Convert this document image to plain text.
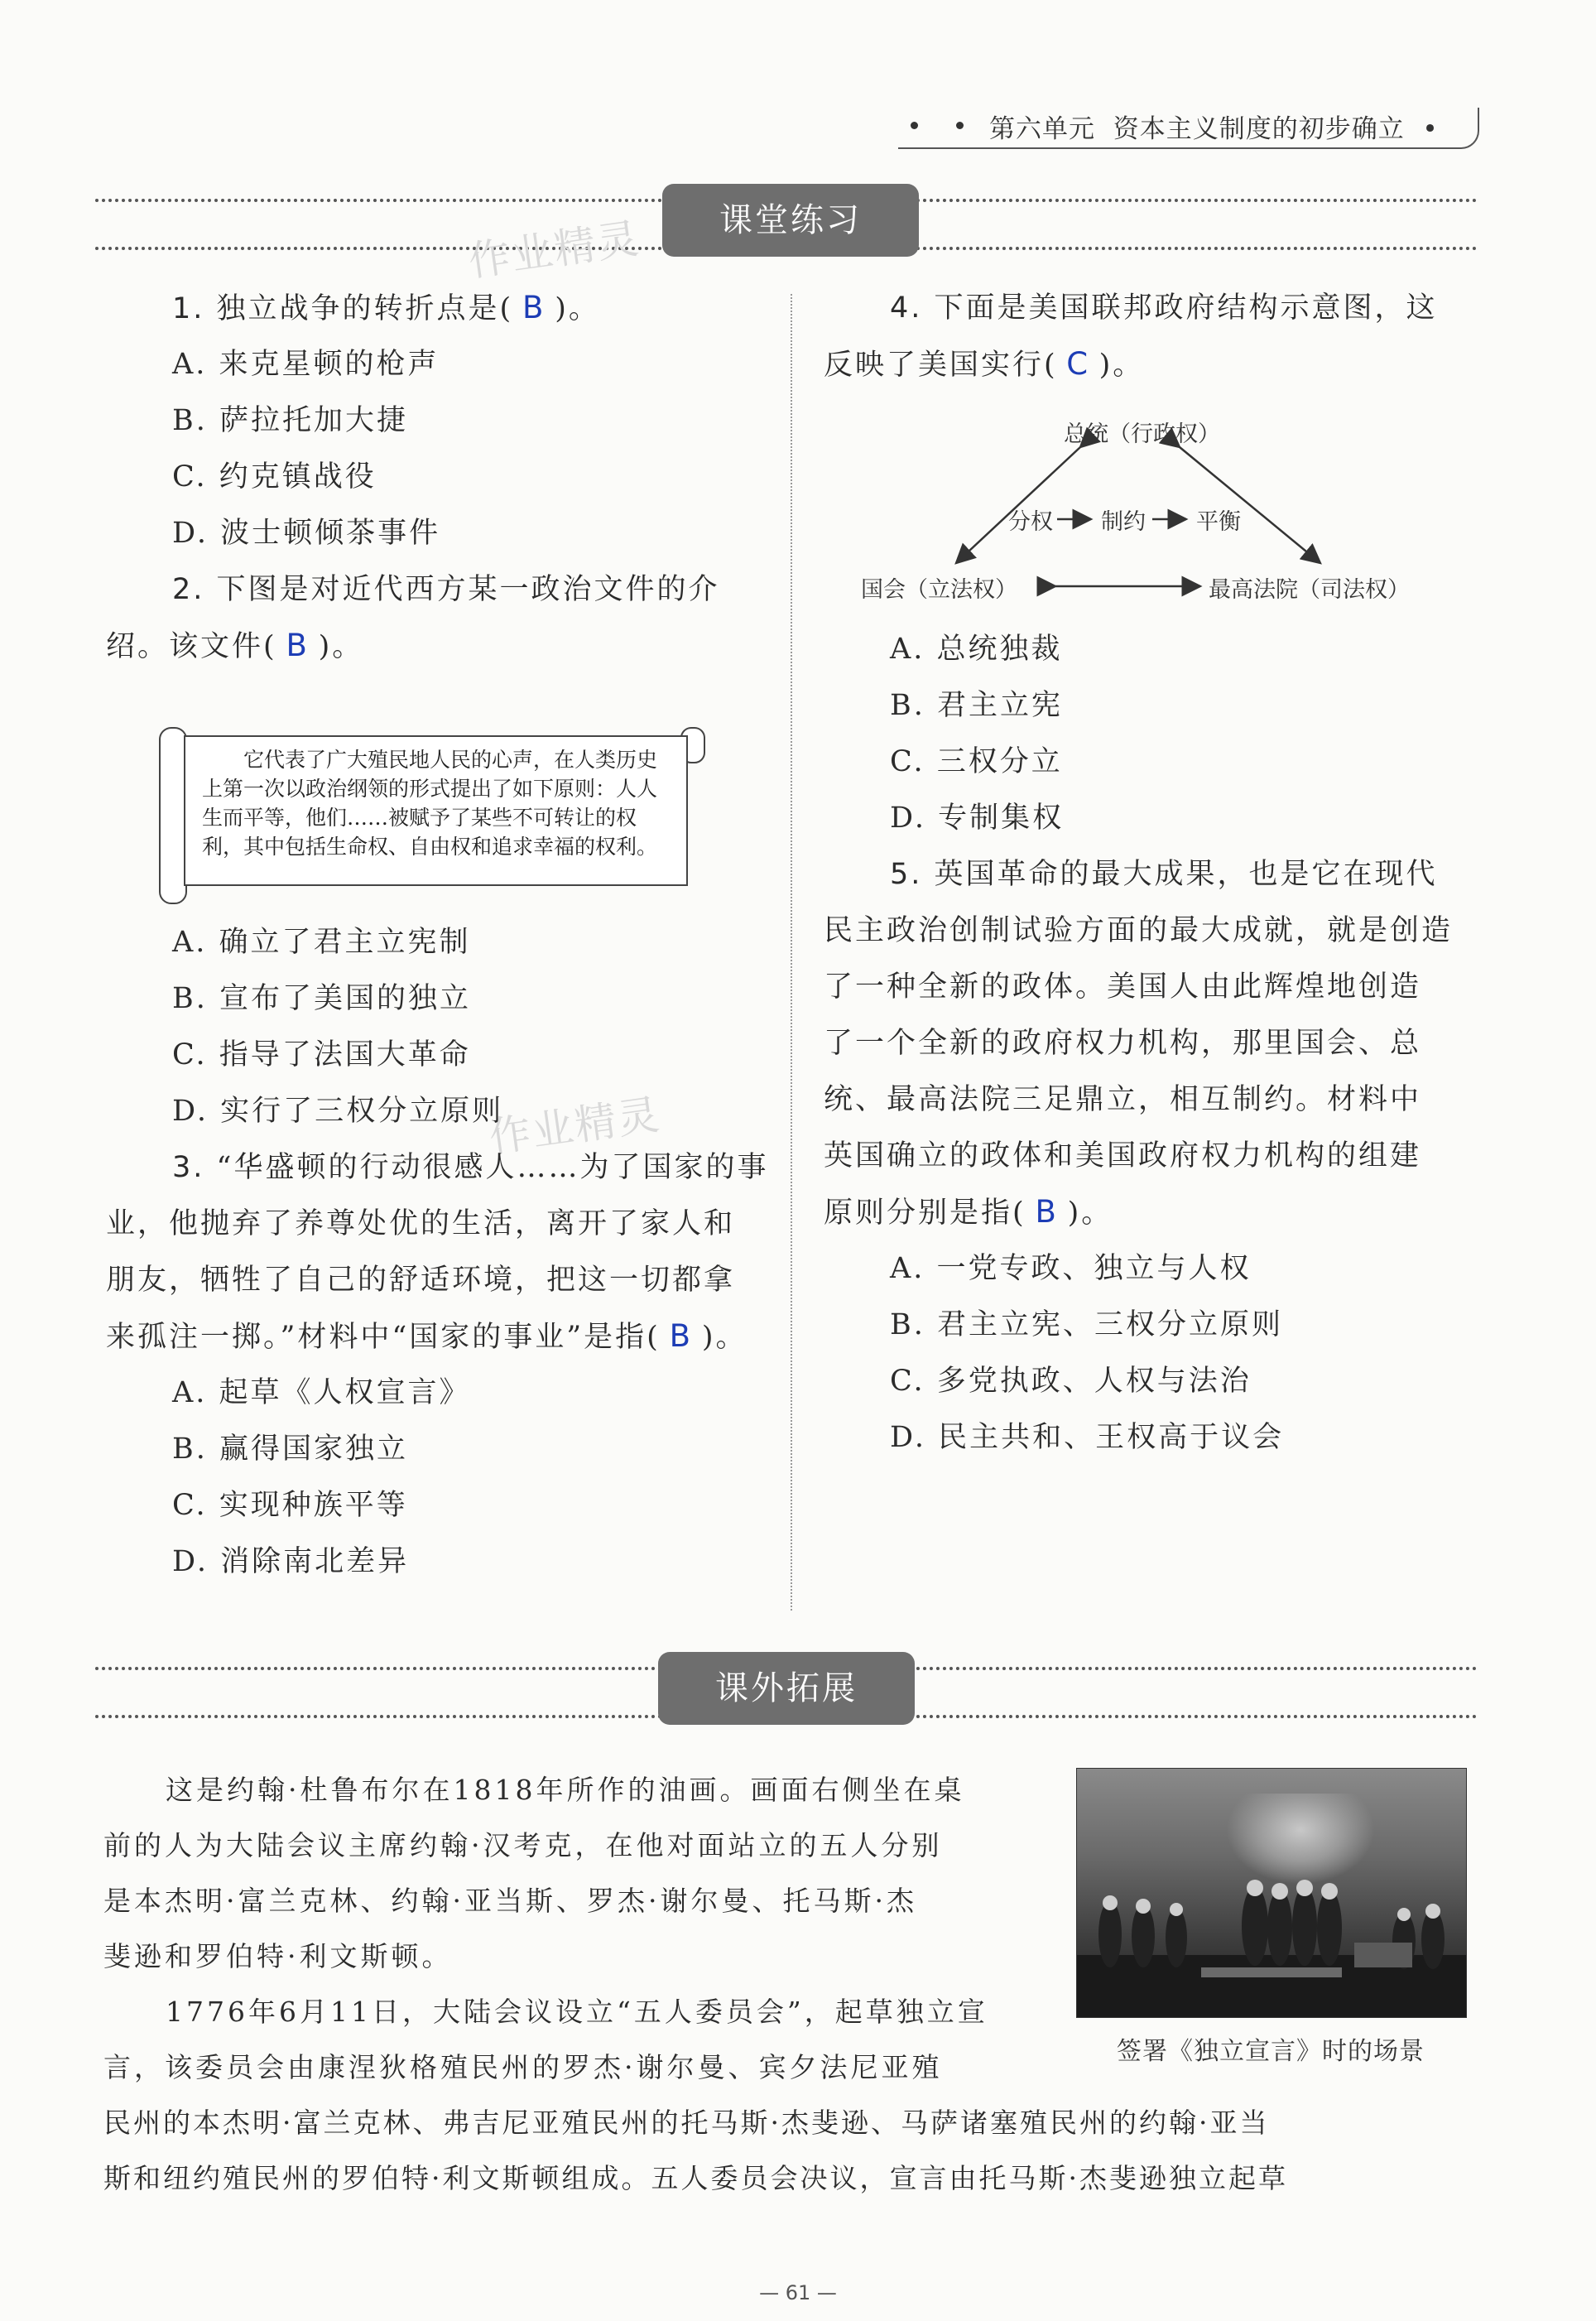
第六单元 资本主义制度的初步确立  •
课堂练习
作业精灵
作业精灵

1. 独立战争的转折点是( B )。

A. 来克星顿的枪声

B. 萨拉托加大捷

C. 约克镇战役

D. 波士顿倾茶事件

2. 下图是对近代西方某一政治文件的介

绍。该文件( B )。

它代表了广大殖民地人民的心声，在人类历史上第一次以政治纲领的形式提出了如下原则：人人生而平等，他们……被赋予了某些不可转让的权利，其中包括生命权、自由权和追求幸福的权利。

A. 确立了君主立宪制

B. 宣布了美国的独立

C. 指导了法国大革命

D. 实行了三权分立原则

3. “华盛顿的行动很感人……为了国家的事

业，他抛弃了养尊处优的生活，离开了家人和

朋友，牺牲了自己的舒适环境，把这一切都拿

来孤注一掷。”材料中“国家的事业”是指( B )。

A. 起草《人权宣言》

B. 赢得国家独立

C. 实现种族平等

D. 消除南北差异

4. 下面是美国联邦政府结构示意图，这

反映了美国实行( C )。

总统（行政权）
国会（立法权）	最高法院（司法权）
分权 制约 平衡

A. 总统独裁

B. 君主立宪

C. 三权分立

D. 专制集权

5. 英国革命的最大成果，也是它在现代

民主政治创制试验方面的最大成就，就是创造

了一种全新的政体。美国人由此辉煌地创造

了一个全新的政府权力机构，那里国会、总

统、最高法院三足鼎立，相互制约。材料中

英国确立的政体和美国政府权力机构的组建

原则分别是指( B )。

A. 一党专政、独立与人权

B. 君主立宪、三权分立原则

C. 多党执政、人权与法治

D. 民主共和、王权高于议会

课外拓展

这是约翰·杜鲁布尔在1818年所作的油画。画面右侧坐在桌

前的人为大陆会议主席约翰·汉考克，在他对面站立的五人分别

是本杰明·富兰克林、约翰·亚当斯、罗杰·谢尔曼、托马斯·杰

斐逊和罗伯特·利文斯顿。

1776年6月11日，大陆会议设立“五人委员会”，起草独立宣

言，该委员会由康涅狄格殖民州的罗杰·谢尔曼、宾夕法尼亚殖

民州的本杰明·富兰克林、弗吉尼亚殖民州的托马斯·杰斐逊、马萨诸塞殖民州的约翰·亚当

斯和纽约殖民州的罗伯特·利文斯顿组成。五人委员会决议，宣言由托马斯·杰斐逊独立起草

签署《独立宣言》时的场景

— 61 —
